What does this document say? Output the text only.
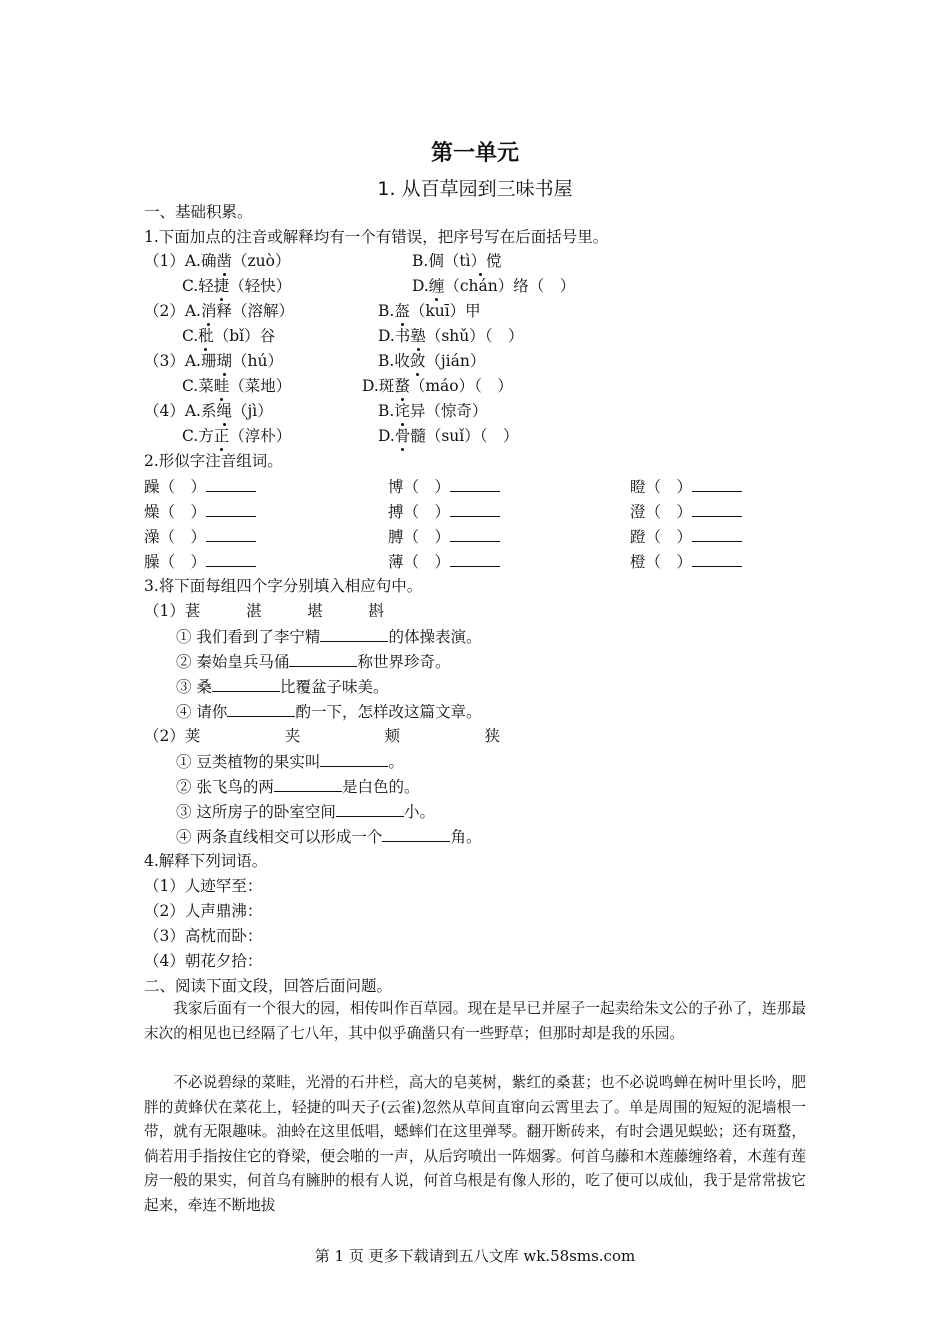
第一单元
1. 从百草园到三味书屋
一、基础积累。
1.下面加点的注音或解释均有一个有错误，把序号写在后面括号里。
（1）A.确凿（zuò）	B.倜（tì）傥
C.轻捷（轻快）	D.缠（chán）络（　）
（2）A.消释（溶解）	B.盔（kuī）甲
C.秕（bǐ）谷	D.书塾（shǔ）（　）
（3）A.珊瑚（hú）	B.收敛（jián）
C.菜畦（菜地）	D.斑蝥（máo）（　）
（4）A.系绳（jì）	B.诧异（惊奇）
C.方正（淳朴）	D.骨髓（suǐ）（　）
2.形似字注音组词。
躁（　）	博（　）	瞪（　）
燥（　）	搏（　）	澄（　）
澡（　）	膊（　）	蹬（　）
臊（　）	薄（　）	橙（　）
3.将下面每组四个字分别填入相应句中。
（1）葚	湛	堪	斟
① 我们看到了李宁精	的体操表演。
② 秦始皇兵马俑	称世界珍奇。
③ 桑	比覆盆子味美。
④ 请你	酌一下，怎样改这篇文章。
（2）荚	夹	颊	狭
① 豆类植物的果实叫	。
② 张飞鸟的两	是白色的。
③ 这所房子的卧室空间	小。
④ 两条直线相交可以形成一个	角。
4.解释下列词语。
（1）人迹罕至：
（2）人声鼎沸：
（3）高枕而卧：
（4）朝花夕拾：
二、阅读下面文段，回答后面问题。

我家后面有一个很大的园，相传叫作百草园。现在是早已并屋子一起卖给朱文公的子孙了，连那最末次的相见也已经隔了七八年，其中似乎确凿只有一些野草；但那时却是我的乐园。

不必说碧绿的菜畦，光滑的石井栏，高大的皂荚树，紫红的桑葚；也不必说鸣蝉在树叶里长吟，肥胖的黄蜂伏在菜花上，轻捷的叫天子(云雀)忽然从草间直窜向云霄里去了。单是周围的短短的泥墙根一带，就有无限趣味。油蛉在这里低唱，蟋蟀们在这里弹琴。翻开断砖来，有时会遇见蜈蚣；还有斑蝥，倘若用手指按住它的脊梁，便会啪的一声，从后窍喷出一阵烟雾。何首乌藤和木莲藤缠络着，木莲有莲房一般的果实，何首乌有臃肿的根有人说，何首乌根是有像人形的，吃了便可以成仙，我于是常常拔它起来，牵连不断地拔

第 1 页 更多下载请到五八文库 wk.58sms.com
